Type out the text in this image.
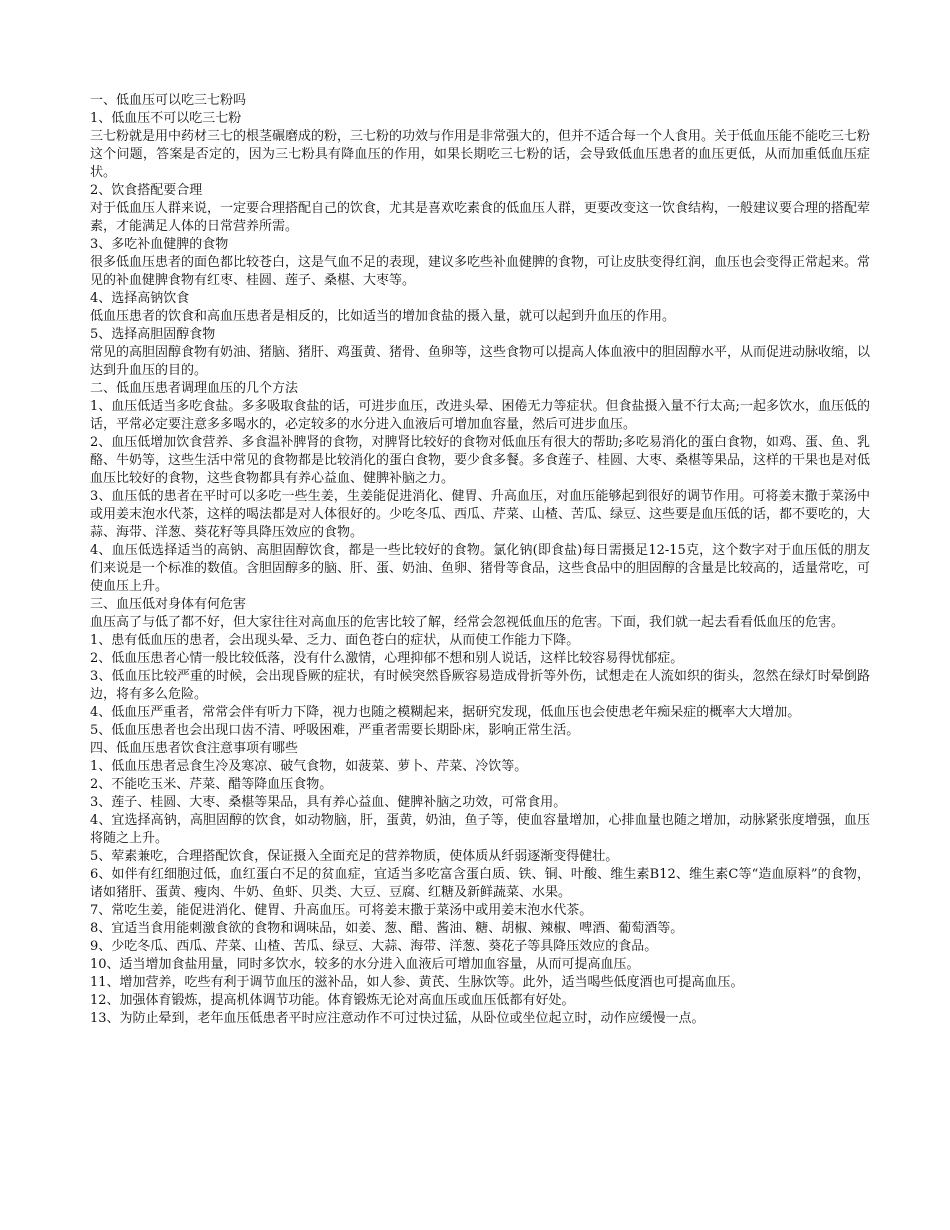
一、低血压可以吃三七粉吗

1、低血压不可以吃三七粉

三七粉就是用中药材三七的根茎碾磨成的粉，三七粉的功效与作用是非常强大的，但并不适合每一个人食用。关于低血压能不能吃三七粉这个问题，答案是否定的，因为三七粉具有降血压的作用，如果长期吃三七粉的话，会导致低血压患者的血压更低，从而加重低血压症状。

2、饮食搭配要合理

对于低血压人群来说，一定要合理搭配自己的饮食，尤其是喜欢吃素食的低血压人群，更要改变这一饮食结构，一般建议要合理的搭配荤素，才能满足人体的日常营养所需。

3、多吃补血健脾的食物

很多低血压患者的面色都比较苍白，这是气血不足的表现，建议多吃些补血健脾的食物，可让皮肤变得红润，血压也会变得正常起来。常见的补血健脾食物有红枣、桂圆、莲子、桑椹、大枣等。

4、选择高钠饮食

低血压患者的饮食和高血压患者是相反的，比如适当的增加食盐的摄入量，就可以起到升血压的作用。

5、选择高胆固醇食物

常见的高胆固醇食物有奶油、猪脑、猪肝、鸡蛋黄、猪骨、鱼卵等，这些食物可以提高人体血液中的胆固醇水平，从而促进动脉收缩，以达到升血压的目的。

二、低血压患者调理血压的几个方法

1、血压低适当多吃食盐。多多吸取食盐的话，可进步血压，改进头晕、困倦无力等症状。但食盐摄入量不行太高;一起多饮水，血压低的话，平常必定要注意多多喝水的，必定较多的水分进入血液后可增加血容量，然后可进步血压。

2、血压低增加饮食营养、多食温补脾肾的食物，对脾肾比较好的食物对低血压有很大的帮助;多吃易消化的蛋白食物，如鸡、蛋、鱼、乳酪、牛奶等，这些生活中常见的食物都是比较消化的蛋白食物，要少食多餐。多食莲子、桂圆、大枣、桑椹等果品，这样的干果也是对低血压比较好的食物，这些食物都具有养心益血、健脾补脑之力。

3、血压低的患者在平时可以多吃一些生姜，生姜能促进消化、健胃、升高血压，对血压能够起到很好的调节作用。可将姜末撒于菜汤中或用姜末泡水代茶，这样的喝法都是对人体很好的。少吃冬瓜、西瓜、芹菜、山楂、苦瓜、绿豆、这些要是血压低的话，都不要吃的，大蒜、海带、洋葱、葵花籽等具降压效应的食物。

4、血压低选择适当的高钠、高胆固醇饮食，都是一些比较好的食物。氯化钠(即食盐)每日需摄足12-15克，这个数字对于血压低的朋友们来说是一个标准的数值。含胆固醇多的脑、肝、蛋、奶油、鱼卵、猪骨等食品，这些食品中的胆固醇的含量是比较高的，适量常吃，可使血压上升。

三、血压低对身体有何危害

血压高了与低了都不好，但大家往往对高血压的危害比较了解，经常会忽视低血压的危害。下面，我们就一起去看看低血压的危害。

1、患有低血压的患者，会出现头晕、乏力、面色苍白的症状，从而使工作能力下降。

2、低血压患者心情一般比较低落，没有什么激情，心理抑郁不想和别人说话，这样比较容易得忧郁症。

3、低血压比较严重的时候，会出现昏厥的症状，有时候突然昏厥容易造成骨折等外伤，试想走在人流如织的街头，忽然在绿灯时晕倒路边，将有多么危险。

4、低血压严重者，常常会伴有听力下降，视力也随之模糊起来，据研究发现，低血压也会使患老年痴呆症的概率大大增加。

5、低血压患者也会出现口齿不清、呼吸困难，严重者需要长期卧床，影响正常生活。

四、低血压患者饮食注意事项有哪些

1、低血压患者忌食生冷及寒凉、破气食物，如菠菜、萝卜、芹菜、冷饮等。

2、不能吃玉米、芹菜、醋等降血压食物。

3、莲子、桂圆、大枣、桑椹等果品，具有养心益血、健脾补脑之功效，可常食用。

4、宜选择高钠，高胆固醇的饮食，如动物脑，肝，蛋黄，奶油，鱼子等，使血容量增加，心排血量也随之增加，动脉紧张度增强，血压将随之上升。

5、荤素兼吃，合理搭配饮食，保证摄入全面充足的营养物质，使体质从纤弱逐渐变得健壮。

6、如伴有红细胞过低，血红蛋白不足的贫血症，宜适当多吃富含蛋白质、铁、铜、叶酸、维生素B12、维生素C等“造血原料”的食物，诸如猪肝、蛋黄、瘦肉、牛奶、鱼虾、贝类、大豆、豆腐、红糖及新鲜蔬菜、水果。

7、常吃生姜，能促进消化、健胃、升高血压。可将姜末撒于菜汤中或用姜末泡水代茶。

8、宜适当食用能刺激食欲的食物和调味品，如姜、葱、醋、酱油、糖、胡椒、辣椒、啤酒、葡萄酒等。

9、少吃冬瓜、西瓜、芹菜、山楂、苦瓜、绿豆、大蒜、海带、洋葱、葵花子等具降压效应的食品。

10、适当增加食盐用量，同时多饮水，较多的水分进入血液后可增加血容量，从而可提高血压。

11、增加营养，吃些有利于调节血压的滋补品，如人参、黄芪、生脉饮等。此外，适当喝些低度酒也可提高血压。

12、加强体育锻炼，提高机体调节功能。体育锻炼无论对高血压或血压低都有好处。

13、为防止晕到，老年血压低患者平时应注意动作不可过快过猛，从卧位或坐位起立时，动作应缓慢一点。
